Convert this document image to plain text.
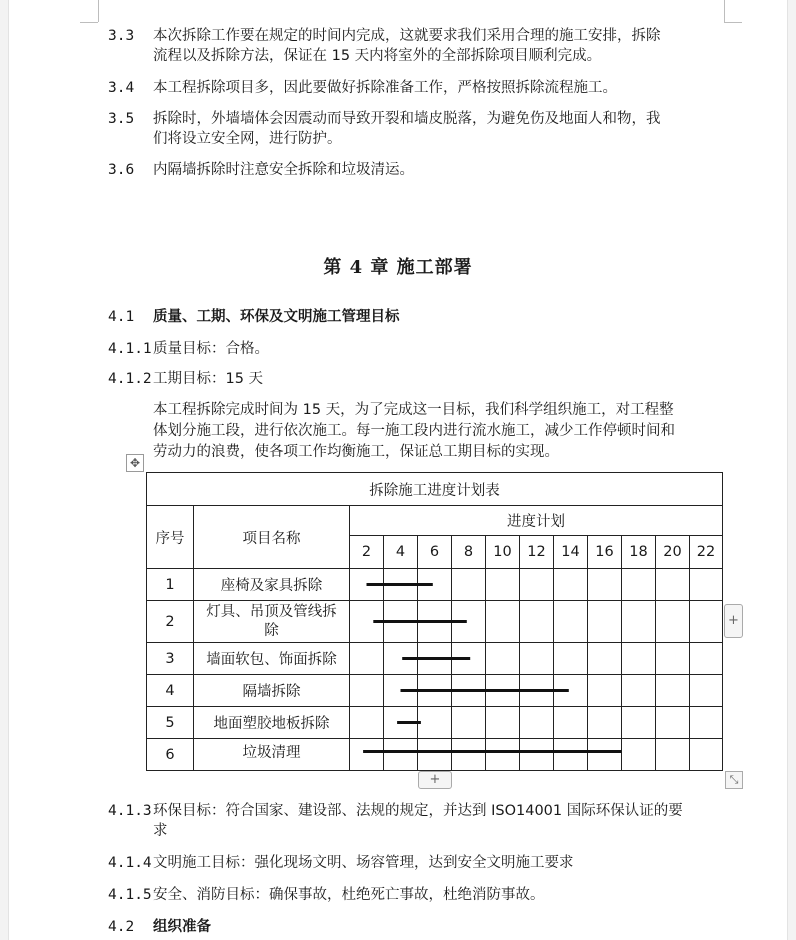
3.3 本次拆除工作要在规定的时间内完成，这就要求我们采用合理的施工安排，拆除
流程以及拆除方法，保证在 15 天内将室外的全部拆除项目顺利完成。
3.4 本工程拆除项目多，因此要做好拆除准备工作，严格按照拆除流程施工。
3.5 拆除时，外墙墙体会因震动而导致开裂和墙皮脱落，为避免伤及地面人和物，我
们将设立安全网，进行防护。
3.6 内隔墙拆除时注意安全拆除和垃圾清运。
第 4 章 施工部署
4.1 质量、工期、环保及文明施工管理目标
4.1.1 质量目标：合格。
4.1.2 工期目标：15 天
本工程拆除完成时间为 15 天，为了完成这一目标，我们科学组织施工，对工程整
体划分施工段，进行依次施工。每一施工段内进行流水施工，减少工作停顿时间和
劳动力的浪费，使各项工作均衡施工，保证总工期目标的实现。
✥
拆除施工进度计划表												
序号	项目名称	进度计划										
		2	4	6	8	10	12	14	16	18	20	22
1	座椅及家具拆除											
2	灯具、吊顶及管线拆
除											

3	墙面软包、饰面拆除											
4	隔墙拆除											
5	地面塑胶地板拆除											
6	垃圾清理											
+
+	⤡
4.1.3 环保目标：符合国家、建设部、法规的规定，并达到 ISO14001 国际环保认证的要
求
4.1.4 文明施工目标：强化现场文明、场容管理，达到安全文明施工要求
4.1.5 安全、消防目标：确保事故，杜绝死亡事故，杜绝消防事故。
4.2 组织准备
